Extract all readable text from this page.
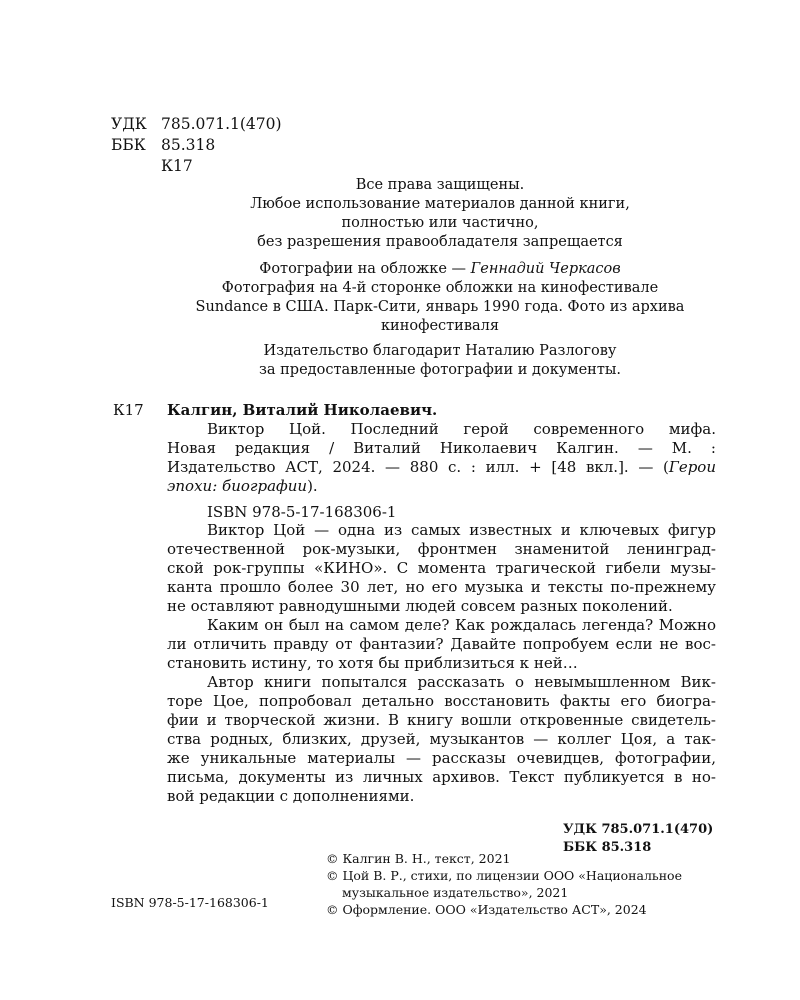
УДК 785.071.1(470)
ББК 85.318
К17
Все права защищены.
Любое использование материалов данной книги,
полностью или частично,
без разрешения правообладателя запрещается
Фотографии на обложке — Геннадий Черкасов
Фотография на 4-й сторонке обложки на кинофестивале
Sundance в США. Парк-Сити, январь 1990 года. Фото из архива
кинофестиваля
Издательство благодарит Наталию Разлогову
за предоставленные фотографии и документы.
К17 Калгин, Виталий Николаевич.
Виктор Цой. Последний герой современного мифа.
Новая редакция / Виталий Николаевич Калгин. — М. :
Издательство АСТ, 2024. — 880 с. : илл. + [48 вкл.]. — (Герои
эпохи: биографии).
ISBN 978-5-17-168306-1
Виктор Цой — одна из самых известных и ключевых фигур
отечественной рок-музыки, фронтмен знаменитой ленинград-
ской рок-группы «КИНО». С момента трагической гибели музы-
канта прошло более 30 лет, но его музыка и тексты по-прежнему
не оставляют равнодушными людей совсем разных поколений.
Каким он был на самом деле? Как рождалась легенда? Можно
ли отличить правду от фантазии? Давайте попробуем если не вос-
становить истину, то хотя бы приблизиться к ней…
Автор книги попытался рассказать о невымышленном Вик-
торе Цое, попробовал детально восстановить факты его биогра-
фии и творческой жизни. В книгу вошли откровенные свидетель-
ства родных, близких, друзей, музыкантов — коллег Цоя, а так-
же уникальные материалы — рассказы очевидцев, фотографии,
письма, документы из личных архивов. Текст публикуется в но-
вой редакции с дополнениями.
УДК 785.071.1(470)
ББК 85.318
© Калгин В. Н., текст, 2021
© Цой В. Р., стихи, по лицензии ООО «Национальное
музыкальное издательство», 2021
© Оформление. ООО «Издательство АСТ», 2024
ISBN 978-5-17-168306-1
